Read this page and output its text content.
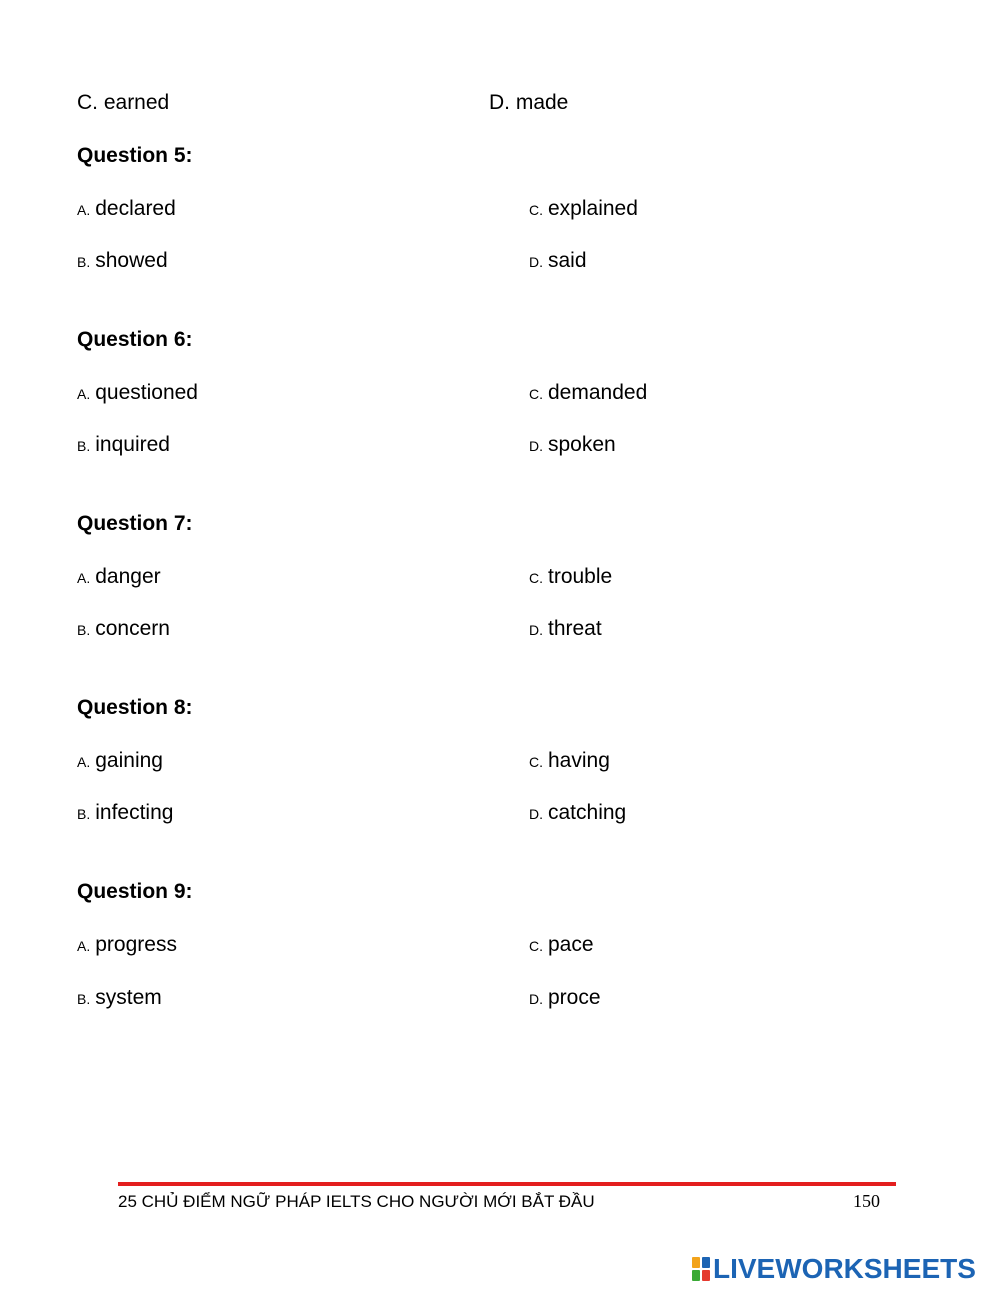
C. earned	D. made
Question 5:
A. declared
B. showed
C. explained
D. said
Question 6:
A. questioned
B. inquired
C. demanded
D. spoken
Question 7:
A. danger
B. concern
C. trouble
D. threat
Question 8:
A. gaining
B. infecting
C. having
D. catching
Question 9:
A. progress
B. system
C. pace
D. proce
25 CHỦ ĐIỂM NGỮ PHÁP IELTS CHO NGƯỜI MỚI BẮT ĐẦU	150
LIVEWORKSHEETS
